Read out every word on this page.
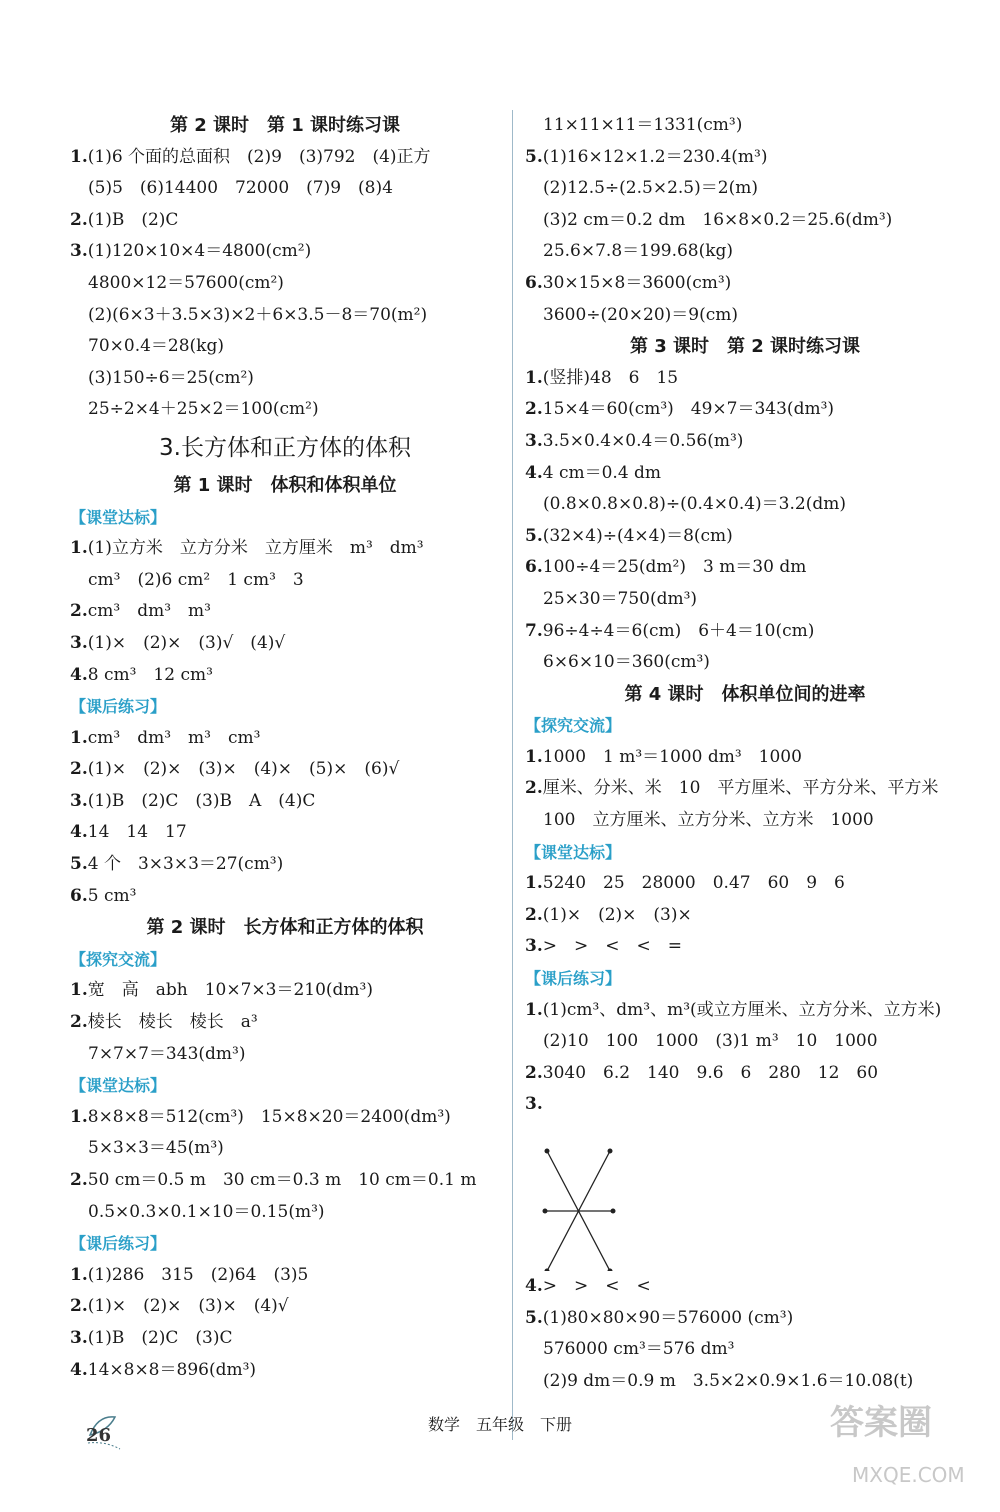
第 2 课时　第 1 课时练习课
1.(1)6 个面的总面积　(2)9　(3)792　(4)正方
(5)5　(6)14400　72000　(7)9　(8)4
2.(1)B　(2)C
3.(1)120×10×4＝4800(cm²)
4800×12＝57600(cm²)
(2)(6×3＋3.5×3)×2＋6×3.5－8＝70(m²)
70×0.4＝28(kg)
(3)150÷6＝25(cm²)
25÷2×4＋25×2＝100(cm²)
3.长方体和正方体的体积
第 1 课时　体积和体积单位
【课堂达标】
1.(1)立方米　立方分米　立方厘米　m³　dm³
cm³　(2)6 cm²　1 cm³　3
2.cm³　dm³　m³
3.(1)×　(2)×　(3)√　(4)√
4.8 cm³　12 cm³
【课后练习】
1.cm³　dm³　m³　cm³
2.(1)×　(2)×　(3)×　(4)×　(5)×　(6)√
3.(1)B　(2)C　(3)B　A　(4)C
4.14　14　17
5.4 个　3×3×3＝27(cm³)
6.5 cm³
第 2 课时　长方体和正方体的体积
【探究交流】
1.宽　高　abh　10×7×3＝210(dm³)
2.棱长　棱长　棱长　a³
7×7×7＝343(dm³)
【课堂达标】
1.8×8×8＝512(cm³)　15×8×20＝2400(dm³)
5×3×3＝45(m³)
2.50 cm＝0.5 m　30 cm＝0.3 m　10 cm＝0.1 m
0.5×0.3×0.1×10＝0.15(m³)
【课后练习】
1.(1)286　315　(2)64　(3)5
2.(1)×　(2)×　(3)×　(4)√
3.(1)B　(2)C　(3)C
4.14×8×8＝896(dm³)
11×11×11＝1331(cm³)
5.(1)16×12×1.2＝230.4(m³)
(2)12.5÷(2.5×2.5)＝2(m)
(3)2 cm＝0.2 dm　16×8×0.2＝25.6(dm³)
25.6×7.8＝199.68(kg)
6.30×15×8＝3600(cm³)
3600÷(20×20)＝9(cm)
第 3 课时　第 2 课时练习课
1.(竖排)48　6　15
2.15×4＝60(cm³)　49×7＝343(dm³)
3.3.5×0.4×0.4＝0.56(m³)
4.4 cm＝0.4 dm
(0.8×0.8×0.8)÷(0.4×0.4)＝3.2(dm)
5.(32×4)÷(4×4)＝8(cm)
6.100÷4＝25(dm²)　3 m＝30 dm
25×30＝750(dm³)
7.96÷4÷4＝6(cm)　6＋4＝10(cm)
6×6×10＝360(cm³)
第 4 课时　体积单位间的进率
【探究交流】
1.1000　1 m³＝1000 dm³　1000
2.厘米、分米、米　10　平方厘米、平方分米、平方米
100　立方厘米、立方分米、立方米　1000
【课堂达标】
1.5240　25　28000　0.47　60　9　6
2.(1)×　(2)×　(3)×
3.>　>　<　<　=
【课后练习】
1.(1)cm³、dm³、m³(或立方厘米、立方分米、立方米)
(2)10　100　1000　(3)1 m³　10　1000
2.3040　6.2　140　9.6　6　280　12　60
3.
4.>　>　<　<
5.(1)80×80×90＝576000 (cm³)
576000 cm³＝576 dm³
(2)9 dm＝0.9 m　3.5×2×0.9×1.6＝10.08(t)
26
数学　五年级　下册	答案圈
MXQE.COM
